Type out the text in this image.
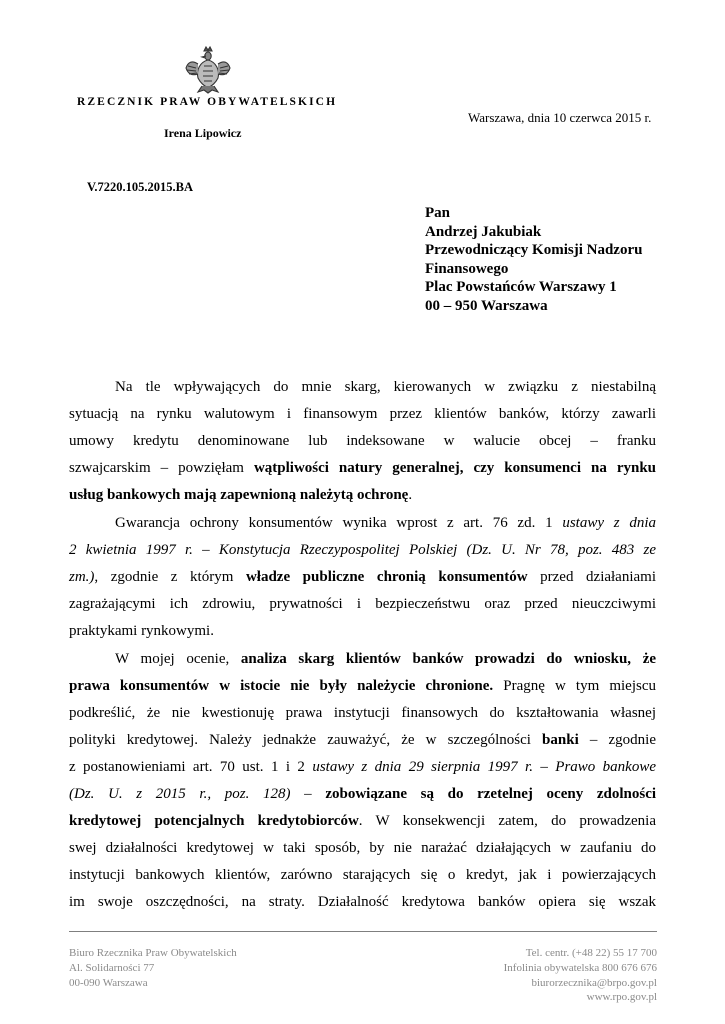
RZECZNIK PRAW OBYWATELSKICH
Irena Lipowicz
Warszawa, dnia 10 czerwca 2015 r.
V.7220.105.2015.BA
Pan
Andrzej Jakubiak
Przewodniczący Komisji Nadzoru
Finansowego
Plac Powstańców Warszawy 1
00 – 950 Warszawa
Na tle wpływających do mnie skarg, kierowanych w związku z niestabilną
sytuacją na rynku walutowym i finansowym przez klientów banków, którzy zawarli
umowy kredytu denominowane lub indeksowane w walucie obcej – franku
szwajcarskim – powzięłam wątpliwości natury generalnej, czy konsumenci na rynku
usług bankowych mają zapewnioną należytą ochronę.
Gwarancja ochrony konsumentów wynika wprost z art. 76 zd. 1 ustawy z dnia
2 kwietnia 1997 r. – Konstytucja Rzeczypospolitej Polskiej (Dz. U. Nr 78, poz. 483 ze
zm.), zgodnie z którym władze publiczne chronią konsumentów przed działaniami
zagrażającymi ich zdrowiu, prywatności i bezpieczeństwu oraz przed nieuczciwymi
praktykami rynkowymi.
W mojej ocenie, analiza skarg klientów banków prowadzi do wniosku, że
prawa konsumentów w istocie nie były należycie chronione. Pragnę w tym miejscu
podkreślić, że nie kwestionuję prawa instytucji finansowych do kształtowania własnej
polityki kredytowej. Należy jednakże zauważyć, że w szczególności banki – zgodnie
z postanowieniami art. 70 ust. 1 i 2 ustawy z dnia 29 sierpnia 1997 r. – Prawo bankowe
(Dz. U. z 2015 r., poz. 128) – zobowiązane są do rzetelnej oceny zdolności
kredytowej potencjalnych kredytobiorców. W konsekwencji zatem, do prowadzenia
swej działalności kredytowej w taki sposób, by nie narażać działających w zaufaniu do
instytucji bankowych klientów, zarówno starających się o kredyt, jak i powierzających
im swoje oszczędności, na straty. Działalność kredytowa banków opiera się wszak
Biuro Rzecznika Praw Obywatelskich
Al. Solidarności 77
00-090 Warszawa
Tel. centr. (+48 22) 55 17 700
Infolinia obywatelska 800 676 676
biurorzecznika@brpo.gov.pl
www.rpo.gov.pl
